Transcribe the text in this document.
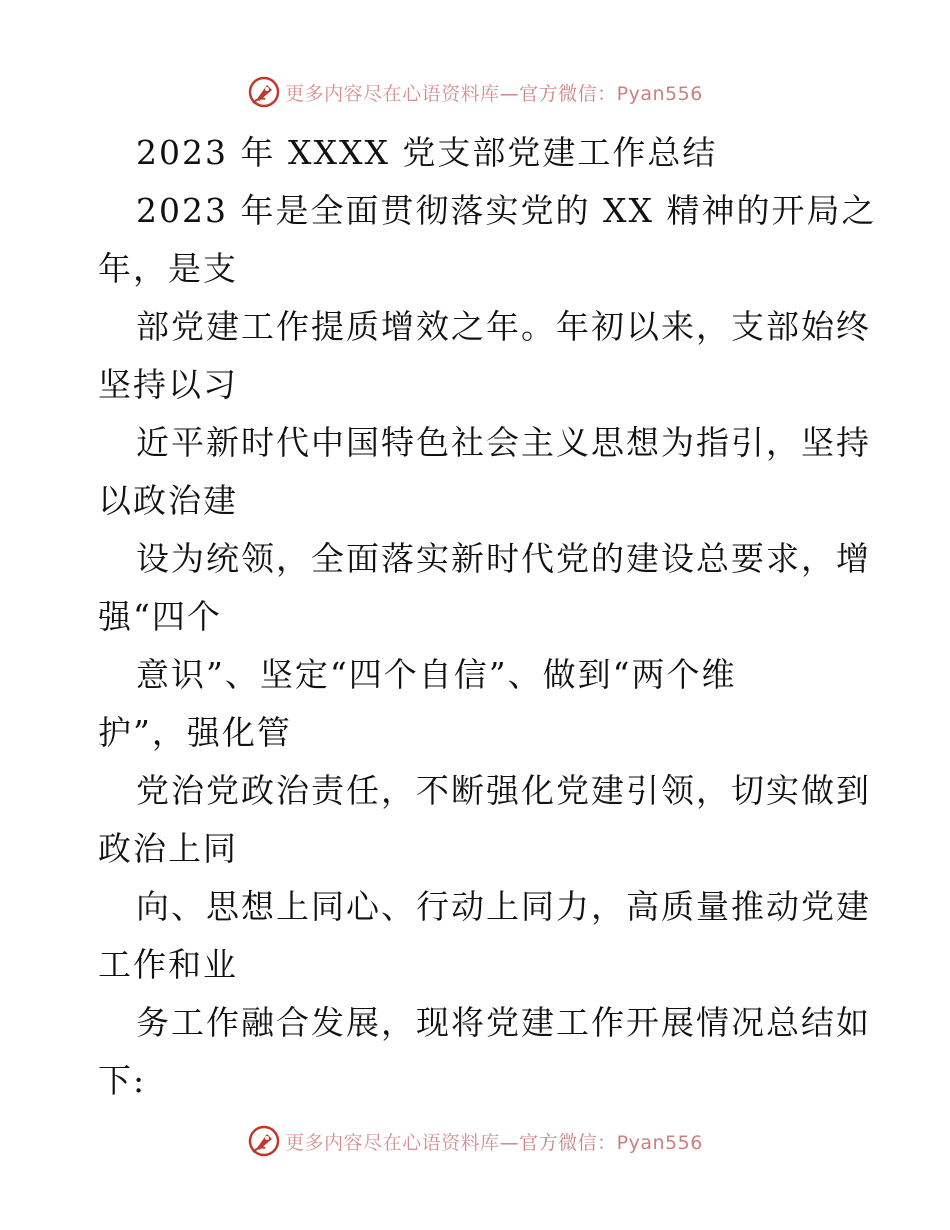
更多内容尽在心语资料库 —官方微信：Pyan556
2023 年 XXXX 党支部党建工作总结
2023 年是全面贯彻落实党的 XX 精神的开局之
年，是支
部党建工作提质增效之年。年初以来，支部始终
坚持以习
近平新时代中国特色社会主义思想为指引，坚持
以政治建
设为统领，全面落实新时代党的建设总要求，增
强“四个
意识”、坚定“四个自信”、做到“两个维
护”，强化管
党治党政治责任，不断强化党建引领，切实做到
政治上同
向、思想上同心、行动上同力，高质量推动党建
工作和业
务工作融合发展，现将党建工作开展情况总结如
下:
更多内容尽在心语资料库 —官方微信：Pyan556
